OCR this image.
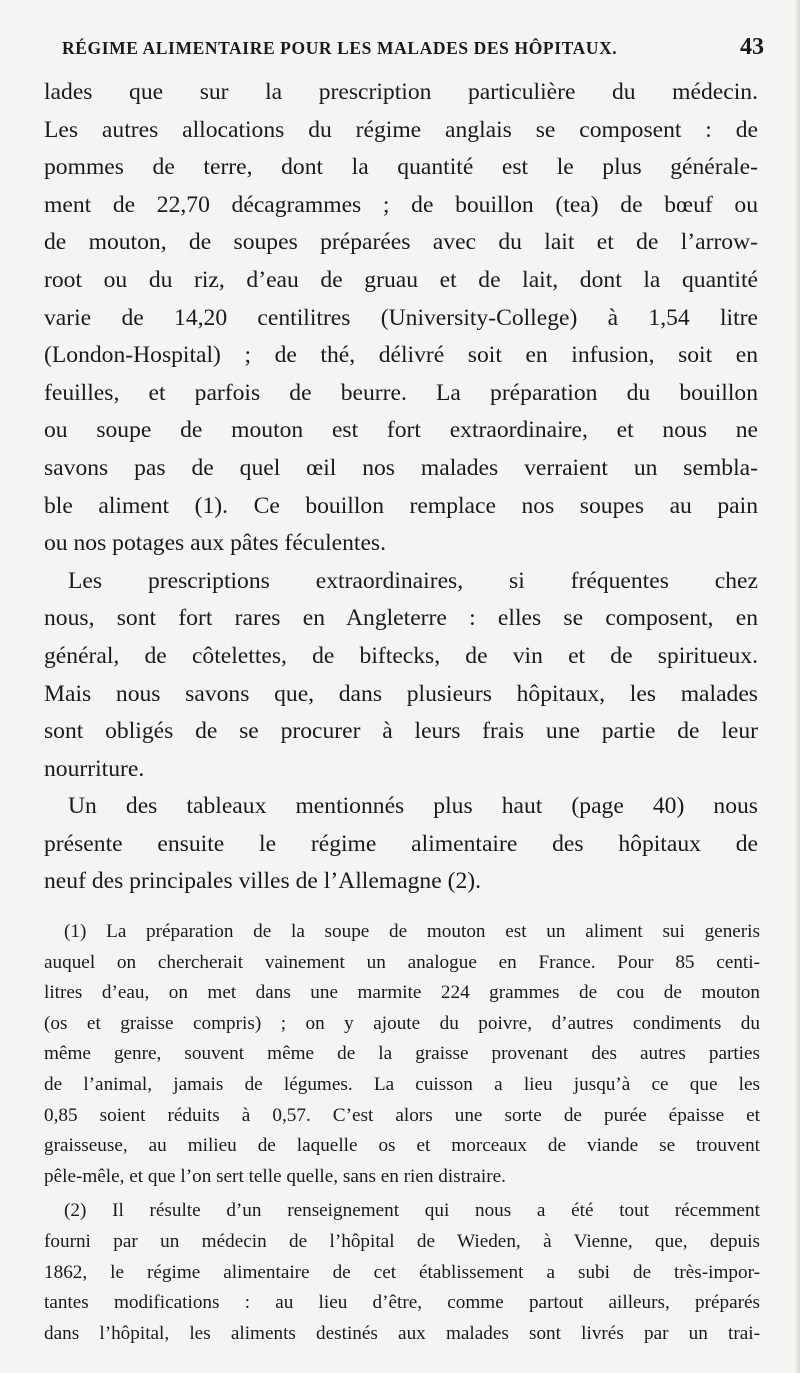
RÉGIME ALIMENTAIRE POUR LES MALADES DES HÔPITAUX.	43
lades que sur la prescription particulière du médecin.
Les autres allocations du régime anglais se composent : de
pommes de terre, dont la quantité est le plus générale-
ment de 22,70 décagrammes ; de bouillon (tea) de bœuf ou
de mouton, de soupes préparées avec du lait et de l’arrow-
root ou du riz, d’eau de gruau et de lait, dont la quantité
varie de 14,20 centilitres (University-College) à 1,54 litre
(London-Hospital) ; de thé, délivré soit en infusion, soit en
feuilles, et parfois de beurre. La préparation du bouillon
ou soupe de mouton est fort extraordinaire, et nous ne
savons pas de quel œil nos malades verraient un sembla-
ble aliment (1). Ce bouillon remplace nos soupes au pain
ou nos potages aux pâtes féculentes.
Les prescriptions extraordinaires, si fréquentes chez
nous, sont fort rares en Angleterre : elles se composent, en
général, de côtelettes, de biftecks, de vin et de spiritueux.
Mais nous savons que, dans plusieurs hôpitaux, les malades
sont obligés de se procurer à leurs frais une partie de leur
nourriture.
Un des tableaux mentionnés plus haut (page 40) nous
présente ensuite le régime alimentaire des hôpitaux de
neuf des principales villes de l’Allemagne (2).
(1) La préparation de la soupe de mouton est un aliment sui generis
auquel on chercherait vainement un analogue en France. Pour 85 centi-
litres d’eau, on met dans une marmite 224 grammes de cou de mouton
(os et graisse compris) ; on y ajoute du poivre, d’autres condiments du
même genre, souvent même de la graisse provenant des autres parties
de l’animal, jamais de légumes. La cuisson a lieu jusqu’à ce que les
0,85 soient réduits à 0,57. C’est alors une sorte de purée épaisse et
graisseuse, au milieu de laquelle os et morceaux de viande se trouvent
pêle-mêle, et que l’on sert telle quelle, sans en rien distraire.
(2) Il résulte d’un renseignement qui nous a été tout récemment
fourni par un médecin de l’hôpital de Wieden, à Vienne, que, depuis
1862, le régime alimentaire de cet établissement a subi de très-impor-
tantes modifications : au lieu d’être, comme partout ailleurs, préparés
dans l’hôpital, les aliments destinés aux malades sont livrés par un trai-
